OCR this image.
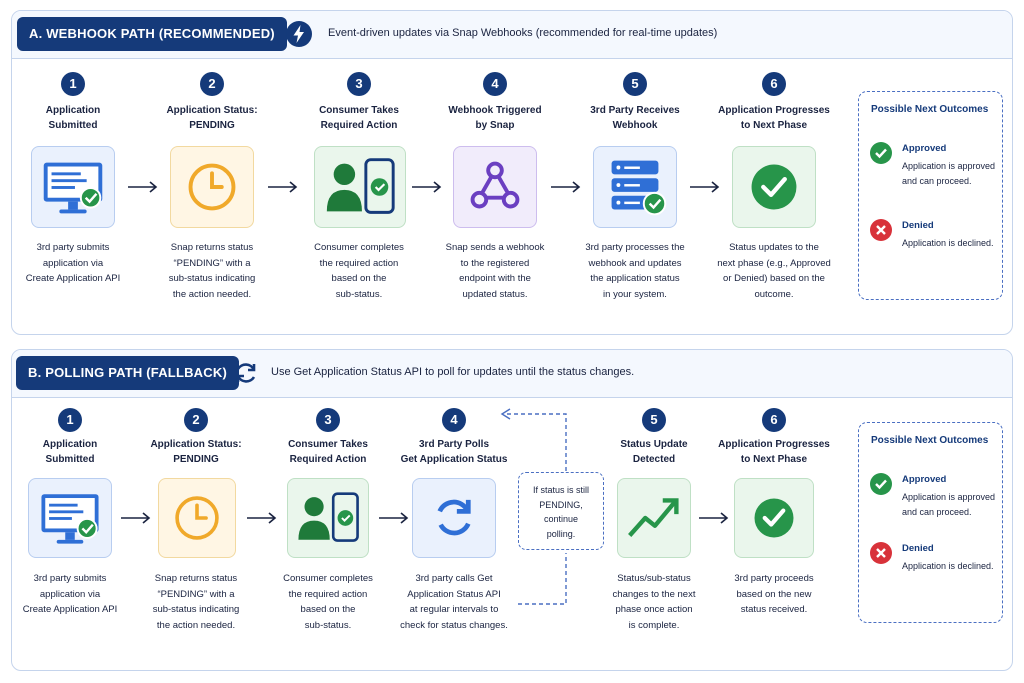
A. WEBHOOK PATH (RECOMMENDED)	Event-driven updates via Snap Webhooks (recommended for real-time updates)
1
Application
Submitted
3rd party submits
application via
Create Application API
2
Application Status:
PENDING
Snap returns status
“PENDING” with a
sub-status indicating
the action needed.
3
Consumer Takes
Required Action
Consumer completes
the required action
based on the
sub-status.
4
Webhook Triggered
by Snap
Snap sends a webhook
to the registered
endpoint with the
updated status.
5
3rd Party Receives
Webhook
3rd party processes the
webhook and updates
the application status
in your system.
6
Application Progresses
to Next Phase
Status updates to the
next phase (e.g., Approved
or Denied) based on the
outcome.
Possible Next Outcomes
Approved
Application is approved
and can proceed.
Denied
Application is declined.
B. POLLING PATH (FALLBACK)	Use Get Application Status API to poll for updates until the status changes.
1
Application
Submitted
3rd party submits
application via
Create Application API
2
Application Status:
PENDING
Snap returns status
“PENDING” with a
sub-status indicating
the action needed.
3
Consumer Takes
Required Action
Consumer completes
the required action
based on the
sub-status.
4
3rd Party Polls
Get Application Status
3rd party calls Get
Application Status API
at regular intervals to
check for status changes.
If status is still
PENDING,
continue
polling.
5
Status Update
Detected
Status/sub-status
changes to the next
phase once action
is complete.
6
Application Progresses
to Next Phase
3rd party proceeds
based on the new
status received.
Possible Next Outcomes
Approved
Application is approved
and can proceed.
Denied
Application is declined.
